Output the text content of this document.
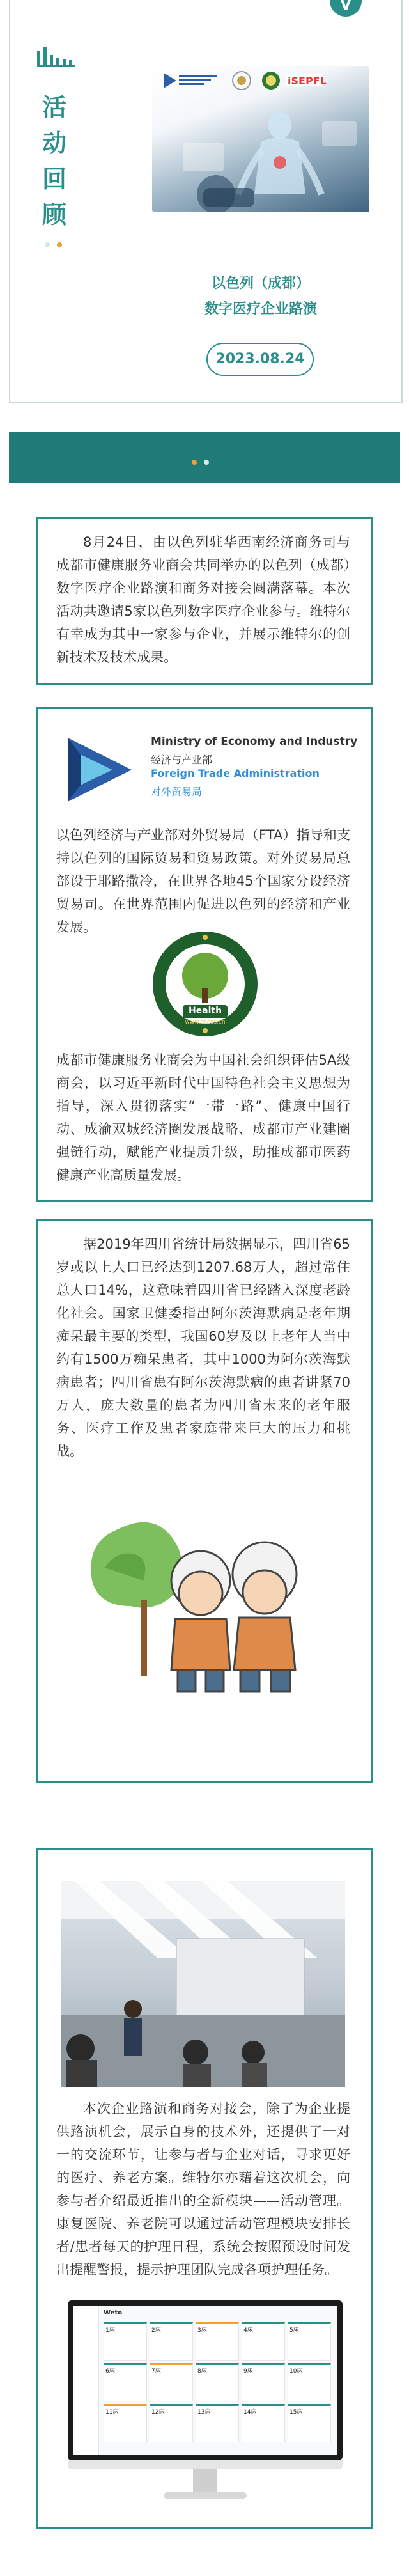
V
活
动
回
顾

iSEPFL
以色列（成都）
数字医疗企业路演
2023.08.24

8月24日，由以色列驻华西南经济商务司与成都市健康服务业商会共同举办的以色列（成都）数字医疗企业路演和商务对接会圆满落幕。本次活动共邀请5家以色列数字医疗企业参与。维特尔有幸成为其中一家参与企业，并展示维特尔的创新技术及技术成果。
Ministry of Economy and Industry
经济与产业部
Foreign Trade Administration
对外贸易局
以色列经济与产业部对外贸易局（FTA）指导和支持以色列的国际贸易和贸易政策。对外贸易局总部设于耶路撒冷，在世界各地45个国家分设经济贸易司。在世界范围内促进以色列的经济和产业发展。
Health
www.hscos.cn
成都市健康服务业商会为中国社会组织评估5A级商会，以习近平新时代中国特色社会主义思想为指导，深入贯彻落实“一带一路”、健康中国行动、成渝双城经济圈发展战略、成都市产业建圈强链行动，赋能产业提质升级，助推成都市医药健康产业高质量发展。
据2019年四川省统计局数据显示，四川省65岁或以上人口已经达到1207.68万人，超过常住总人口14%，这意味着四川省已经踏入深度老龄化社会。国家卫健委指出阿尔茨海默病是老年期痴呆最主要的类型，我国60岁及以上老年人当中约有1500万痴呆患者，其中1000为阿尔茨海默病患者；四川省患有阿尔茨海默病的患者讲紧70万人，庞大数量的患者为四川省未来的老年服务、医疗工作及患者家庭带来巨大的压力和挑战。
本次企业路演和商务对接会，除了为企业提供路演机会，展示自身的技术外，还提供了一对一的交流环节，让参与者与企业对话，寻求更好的医疗、养老方案。维特尔亦藉着这次机会，向参与者介绍最近推出的全新模块——活动管理。康复医院、养老院可以通过活动管理模块安排长者/患者每天的护理日程，系统会按照预设时间发出提醒警报，提示护理团队完成各项护理任务。
Weto
1床	2床	3床	4床	5床
6床	7床	8床	9床	10床
11床	12床	13床	14床	15床
